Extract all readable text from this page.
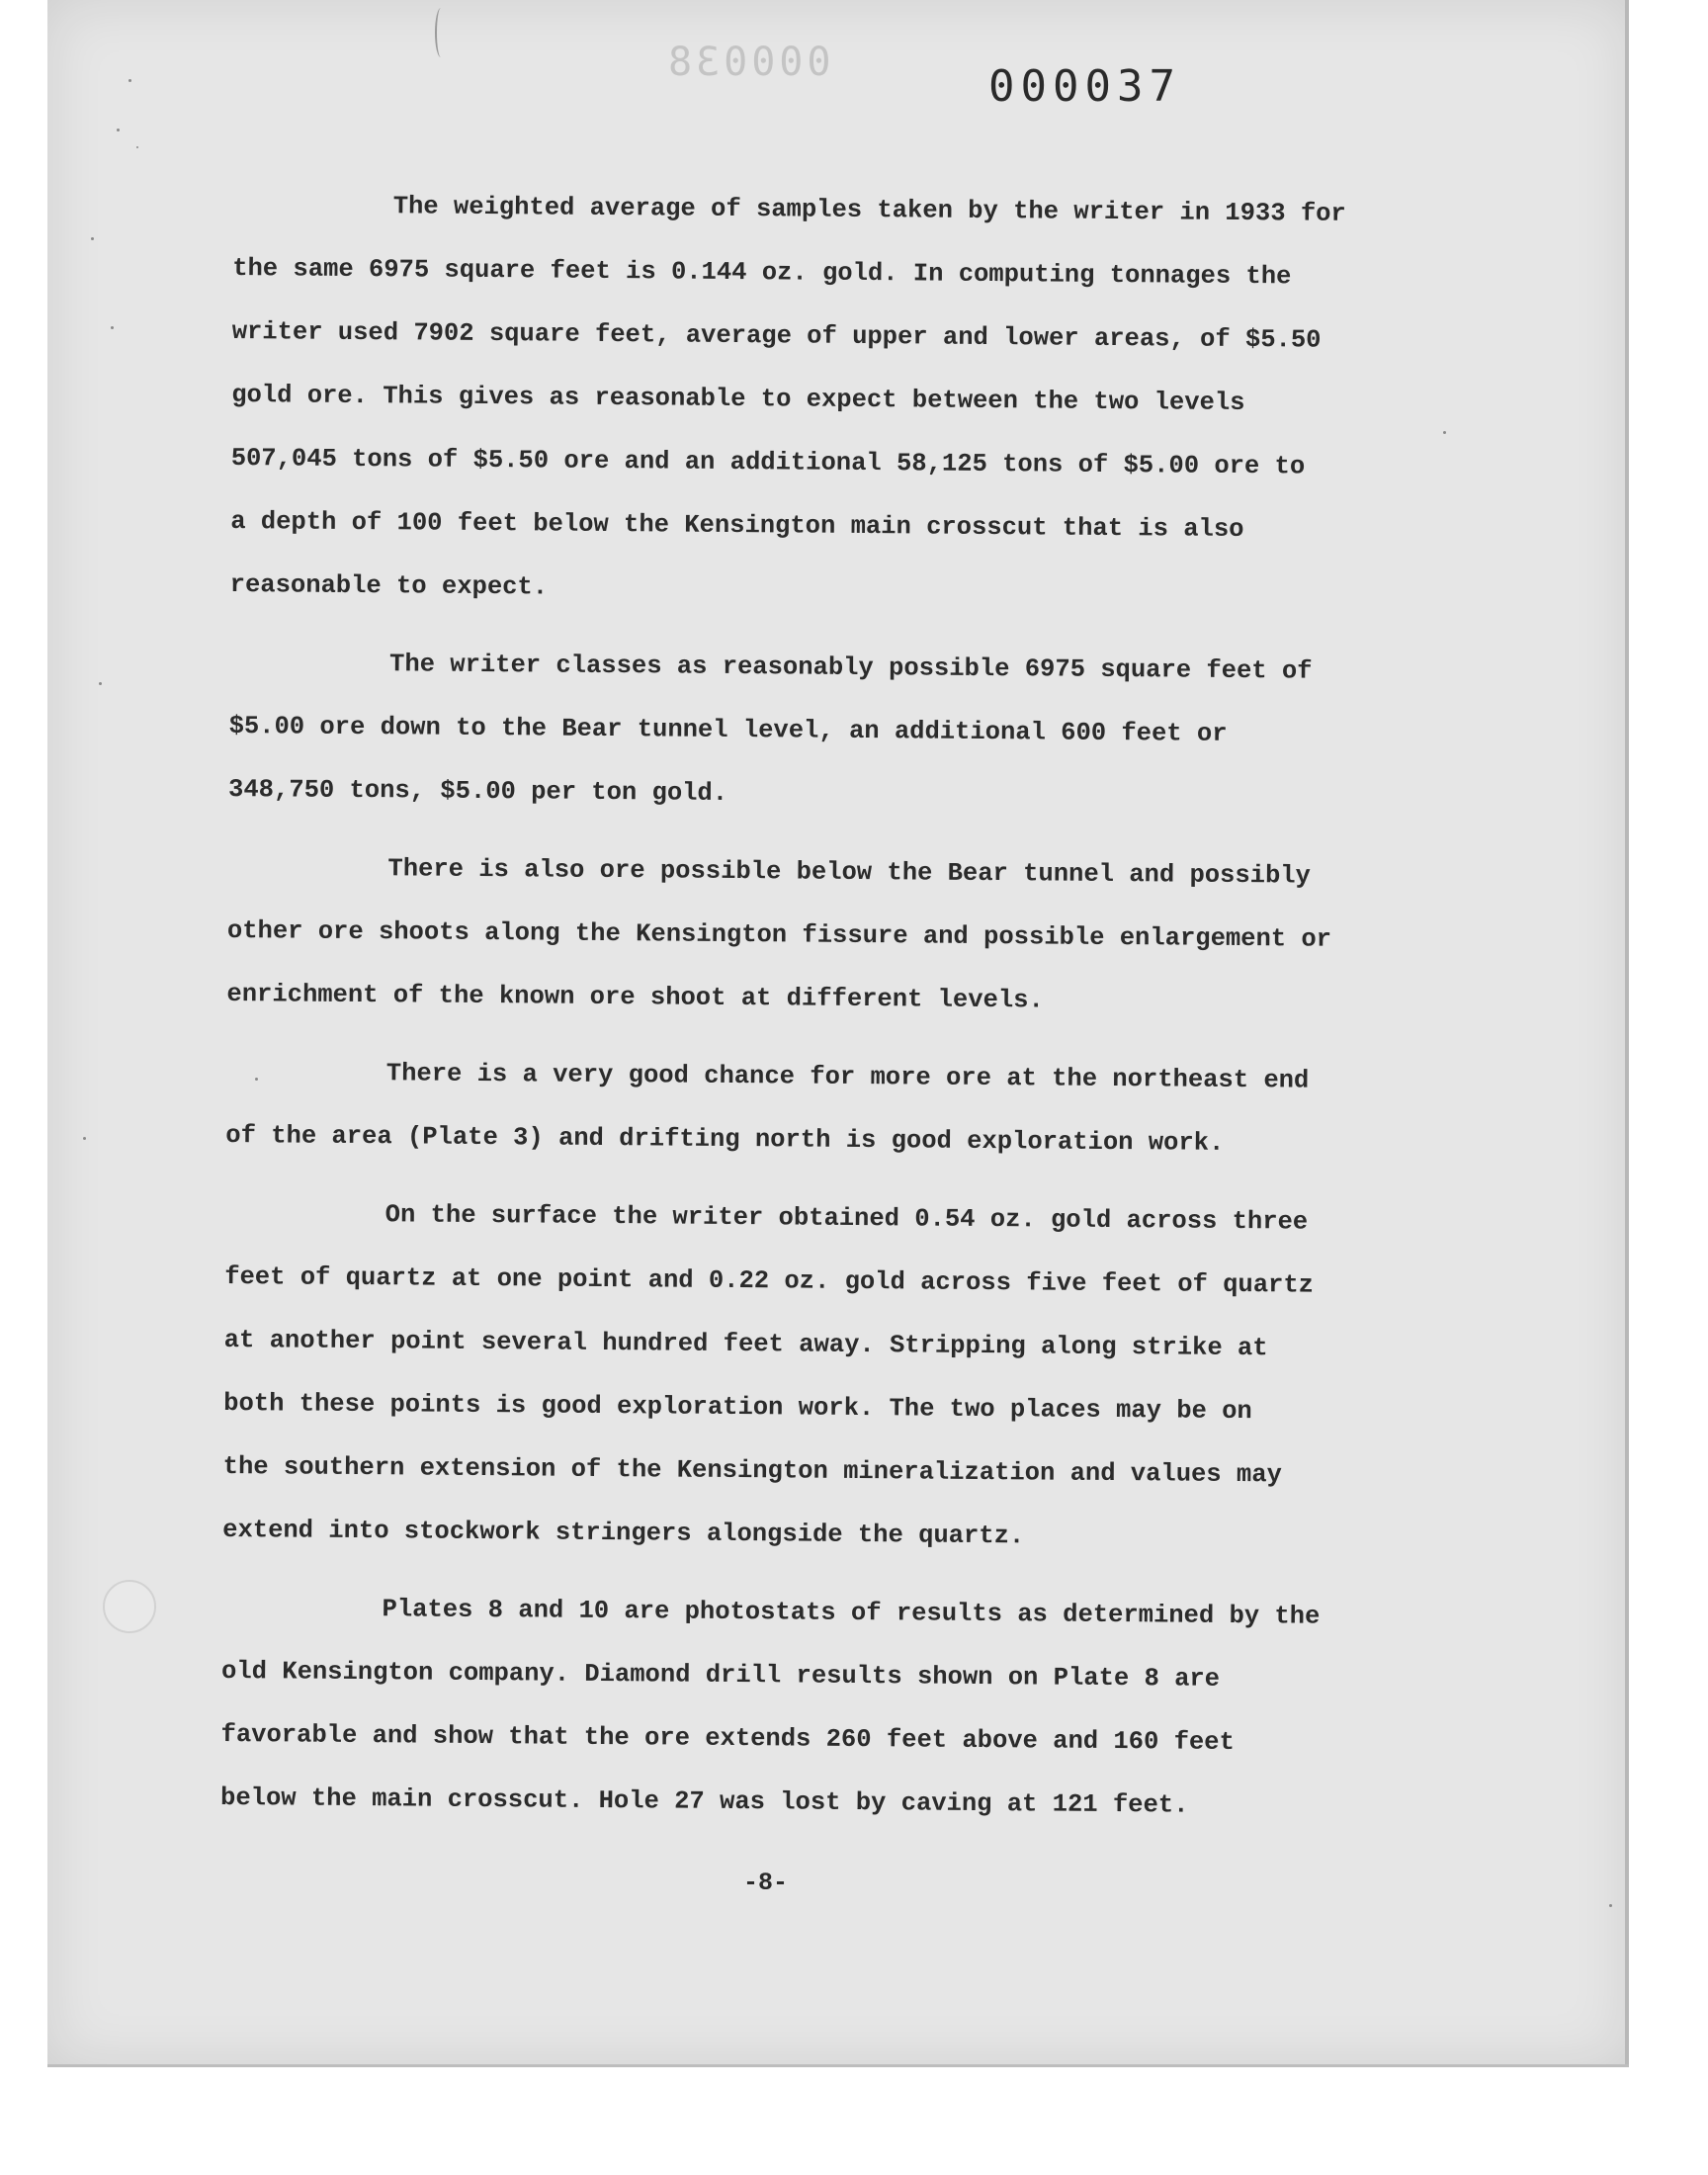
000038	000037

The weighted average of samples taken by the writer in 1933 for
the same 6975 square feet is 0.144 oz. gold. In computing tonnages the
writer used 7902 square feet, average of upper and lower areas, of $5.50
gold ore. This gives as reasonable to expect between the two levels
507,045 tons of $5.50 ore and an additional 58,125 tons of $5.00 ore to
a depth of 100 feet below the Kensington main crosscut that is also
reasonable to expect.

The writer classes as reasonably possible 6975 square feet of
$5.00 ore down to the Bear tunnel level, an additional 600 feet or
348,750 tons, $5.00 per ton gold.

There is also ore possible below the Bear tunnel and possibly
other ore shoots along the Kensington fissure and possible enlargement or
enrichment of the known ore shoot at different levels.

There is a very good chance for more ore at the northeast end
of the area (Plate 3) and drifting north is good exploration work.

On the surface the writer obtained 0.54 oz. gold across three
feet of quartz at one point and 0.22 oz. gold across five feet of quartz
at another point several hundred feet away. Stripping along strike at
both these points is good exploration work. The two places may be on
the southern extension of the Kensington mineralization and values may
extend into stockwork stringers alongside the quartz.

Plates 8 and 10 are photostats of results as determined by the
old Kensington company. Diamond drill results shown on Plate 8 are
favorable and show that the ore extends 260 feet above and 160 feet
below the main crosscut. Hole 27 was lost by caving at 121 feet.

-8-
